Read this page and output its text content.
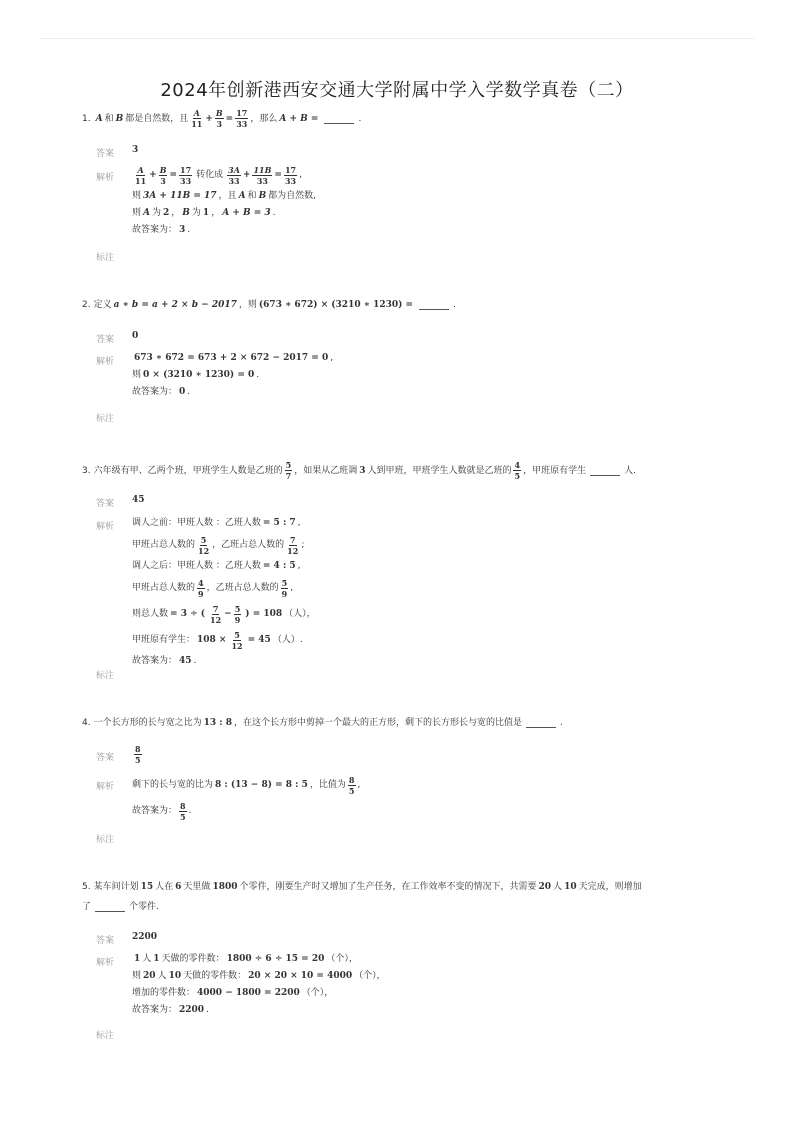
2024年创新港西安交通大学附属中学入学数学真卷（二）
1. A 和 B 都是自然数，且 $\frac{A}{11} + \frac{B}{3} = \frac{17}{33}$ ，那么 A + B =	.
答案 3
解析 $\frac{A}{11} + \frac{B}{3} = \frac{17}{33}$ 转化成 $\frac{3A}{33} + \frac{11B}{33} = \frac{17}{33}$ ,
则 3A + 11B = 17 ，且 A 和 B 都为自然数,
则 A 为 2 ， B 为 1 ， A + B = 3 .
故答案为： 3 .
标注
2. 定义 a ∗ b = a + 2 × b − 2017 ，则 (673 ∗ 672) × (3210 ∗ 1230) =	.
答案 0
解析 673 ∗ 672 = 673 + 2 × 672 − 2017 = 0 ,
则 0 × (3210 ∗ 1230) = 0 .
故答案为： 0 .
标注
3. 六年级有甲、乙两个班，甲班学生人数是乙班的 $\frac{5}{7}$ ，如果从乙班调 3 人到甲班，甲班学生人数就是乙班的 $\frac{4}{5}$ ，甲班原有学生	人.
答案 45
解析 调人之前：甲班人数 ：乙班人数 = 5 : 7 ,
甲班占总人数的 $\frac{5}{12}$ ，乙班占总人数的 $\frac{7}{12}$ ;
调人之后：甲班人数 ：乙班人数 = 4 : 5 ,
甲班占总人数的 $\frac{4}{9}$ ，乙班占总人数的 $\frac{5}{9}$ ,
则总人数 = 3 ÷ ( $\frac{7}{12} - \frac{5}{9}$ ) = 108 （人），
甲班原有学生： $108 \times \frac{5}{12} = 45$ （人）.
故答案为： 45 .
标注
4. 一个长方形的长与宽之比为 13 : 8 ，在这个长方形中剪掉一个最大的正方形，剩下的长方形长与宽的比值是	.
答案 $\frac{8}{5}$
解析 剩下的长与宽的比为 8 : (13 − 8) = 8 : 5 ，比值为 $\frac{8}{5}$ ,
故答案为： $\frac{8}{5}$ .
标注
5. 某车间计划 15 人在 6 天里做 1800 个零件，刚要生产时又增加了生产任务，在工作效率不变的情况下，共需要 20 人 10 天完成，则增加
了	个零件.
答案 2200
解析 1 人 1 天做的零件数： 1800 ÷ 6 ÷ 15 = 20 （个），
则 20 人 10 天做的零件数： 20 × 20 × 10 = 4000 （个），
增加的零件数： 4000 − 1800 = 2200 （个），
故答案为： 2200 .
标注
